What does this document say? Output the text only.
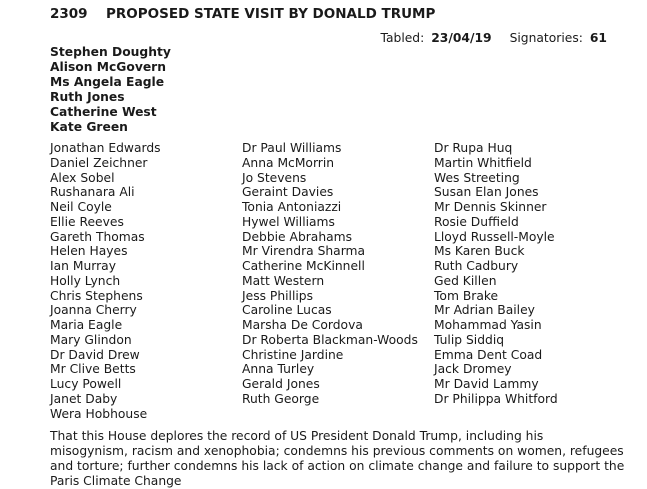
2309 PROPOSED STATE VISIT BY DONALD TRUMP
Tabled: 23/04/19 Signatories: 61
Stephen Doughty
Alison McGovern
Ms Angela Eagle
Ruth Jones
Catherine West
Kate Green
Jonathan Edwards
Daniel Zeichner
Alex Sobel
Rushanara Ali
Neil Coyle
Ellie Reeves
Gareth Thomas
Helen Hayes
Ian Murray
Holly Lynch
Chris Stephens
Joanna Cherry
Maria Eagle
Mary Glindon
Dr David Drew
Mr Clive Betts
Lucy Powell
Janet Daby
Wera Hobhouse
Dr Paul Williams
Anna McMorrin
Jo Stevens
Geraint Davies
Tonia Antoniazzi
Hywel Williams
Debbie Abrahams
Mr Virendra Sharma
Catherine McKinnell
Matt Western
Jess Phillips
Caroline Lucas
Marsha De Cordova
Dr Roberta Blackman-Woods
Christine Jardine
Anna Turley
Gerald Jones
Ruth George
Dr Rupa Huq
Martin Whitfield
Wes Streeting
Susan Elan Jones
Mr Dennis Skinner
Rosie Duffield
Lloyd Russell-Moyle
Ms Karen Buck
Ruth Cadbury
Ged Killen
Tom Brake
Mr Adrian Bailey
Mohammad Yasin
Tulip Siddiq
Emma Dent Coad
Jack Dromey
Mr David Lammy
Dr Philippa Whitford

That this House deplores the record of US President Donald Trump, including his misogynism, racism and xenophobia; condemns his previous comments on women, refugees and torture; further condemns his lack of action on climate change and failure to support the Paris Climate Change
